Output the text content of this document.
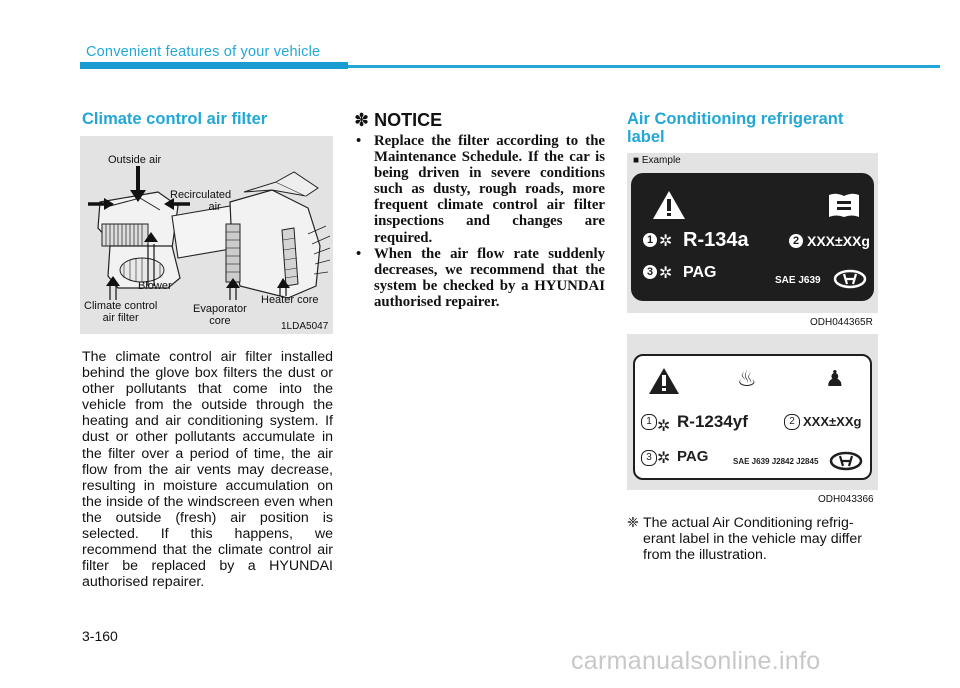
Convenient features of your vehicle
Climate control air filter
Outside air
Recirculated
air
Blower
Climate control
air filter
Evaporator
core
Heater core
1LDA5047
The climate control air filter installed behind the glove box filters the dust or other pollutants that come into the vehicle from the outside through the heating and air conditioning system. If dust or other pollutants accumulate in the filter over a period of time, the air flow from the air vents may decrease, resulting in moisture accumulation on the inside of the windscreen even when the outside (fresh) air position is selected. If this happens, we recommend that the climate control air filter be replaced by a HYUNDAI authorised repairer.
✽ NOTICE
• Replace the filter according to the Maintenance Schedule. If the car is being driven in severe conditions such as dusty, rough roads, more frequent climate control air filter inspections and changes are required.
• When the air flow rate suddenly decreases, we recommend that the system be checked by a HYUNDAI authorised repairer.
Air Conditioning refrigerant label
■ Example
1 ✲ R-134a	2 XXX±XXg
3 ✲ PAG	SAE J639
ODH044365R
♨	♟
1 ✲ R-1234yf	2 XXX±XXg
3 ✲ PAG	SAE J639 J2842 J2845
ODH043366
❈ The actual Air Conditioning refrigerant label in the vehicle may differ from the illustration.
3-160
carmanualsonline.info
